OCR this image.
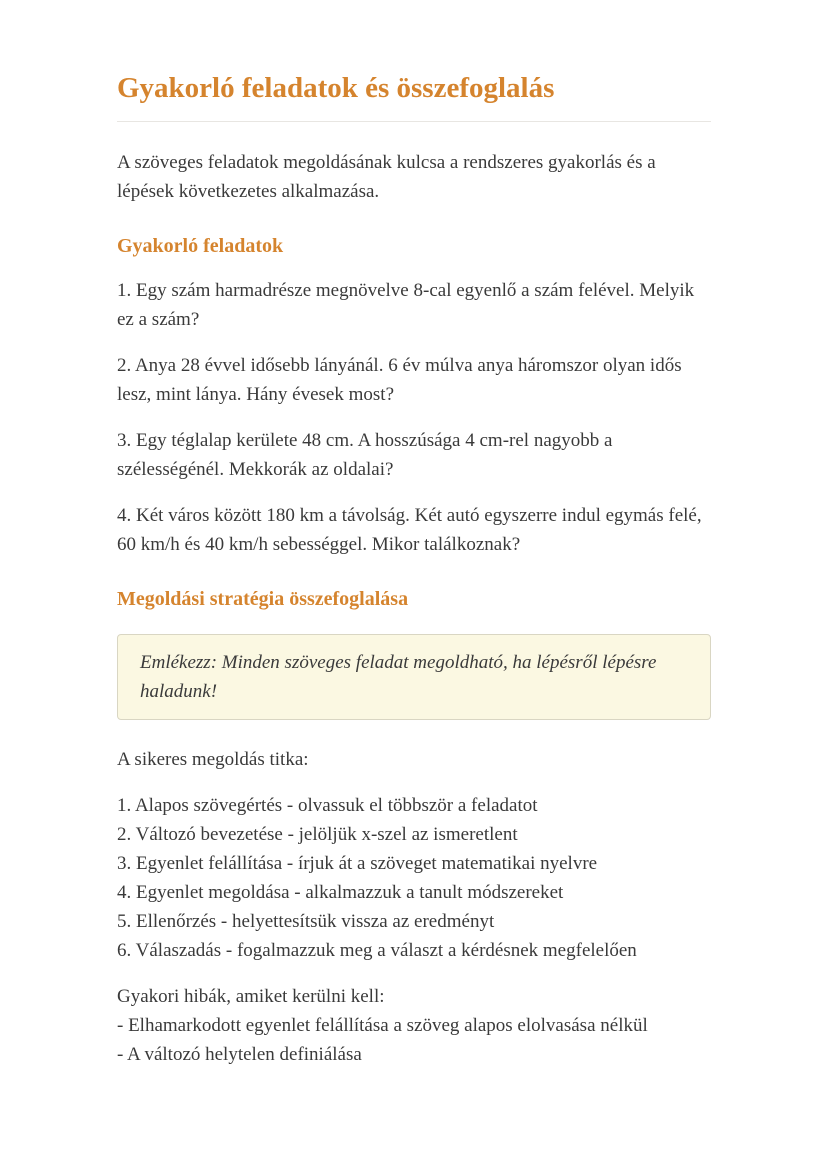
Gyakorló feladatok és összefoglalás

A szöveges feladatok megoldásának kulcsa a rendszeres gyakorlás és a lépések következetes alkalmazása.

Gyakorló feladatok

1. Egy szám harmadrésze megnövelve 8-cal egyenlő a szám felével. Melyik ez a szám?

2. Anya 28 évvel idősebb lányánál. 6 év múlva anya háromszor olyan idős lesz, mint lánya. Hány évesek most?

3. Egy téglalap kerülete 48 cm. A hosszúsága 4 cm-rel nagyobb a szélességénél. Mekkorák az oldalai?

4. Két város között 180 km a távolság. Két autó egyszerre indul egymás felé, 60 km/h és 40 km/h sebességgel. Mikor találkoznak?

Megoldási stratégia összefoglalása

Emlékezz: Minden szöveges feladat megoldható, ha lépésről lépésre haladunk!

A sikeres megoldás titka:

1. Alapos szövegértés - olvassuk el többször a feladatot
2. Változó bevezetése - jelöljük x-szel az ismeretlent
3. Egyenlet felállítása - írjuk át a szöveget matematikai nyelvre
4. Egyenlet megoldása - alkalmazzuk a tanult módszereket
5. Ellenőrzés - helyettesítsük vissza az eredményt
6. Válaszadás - fogalmazzuk meg a választ a kérdésnek megfelelően
Gyakori hibák, amiket kerülni kell:
- Elhamarkodott egyenlet felállítása a szöveg alapos elolvasása nélkül
- A változó helytelen definiálása
